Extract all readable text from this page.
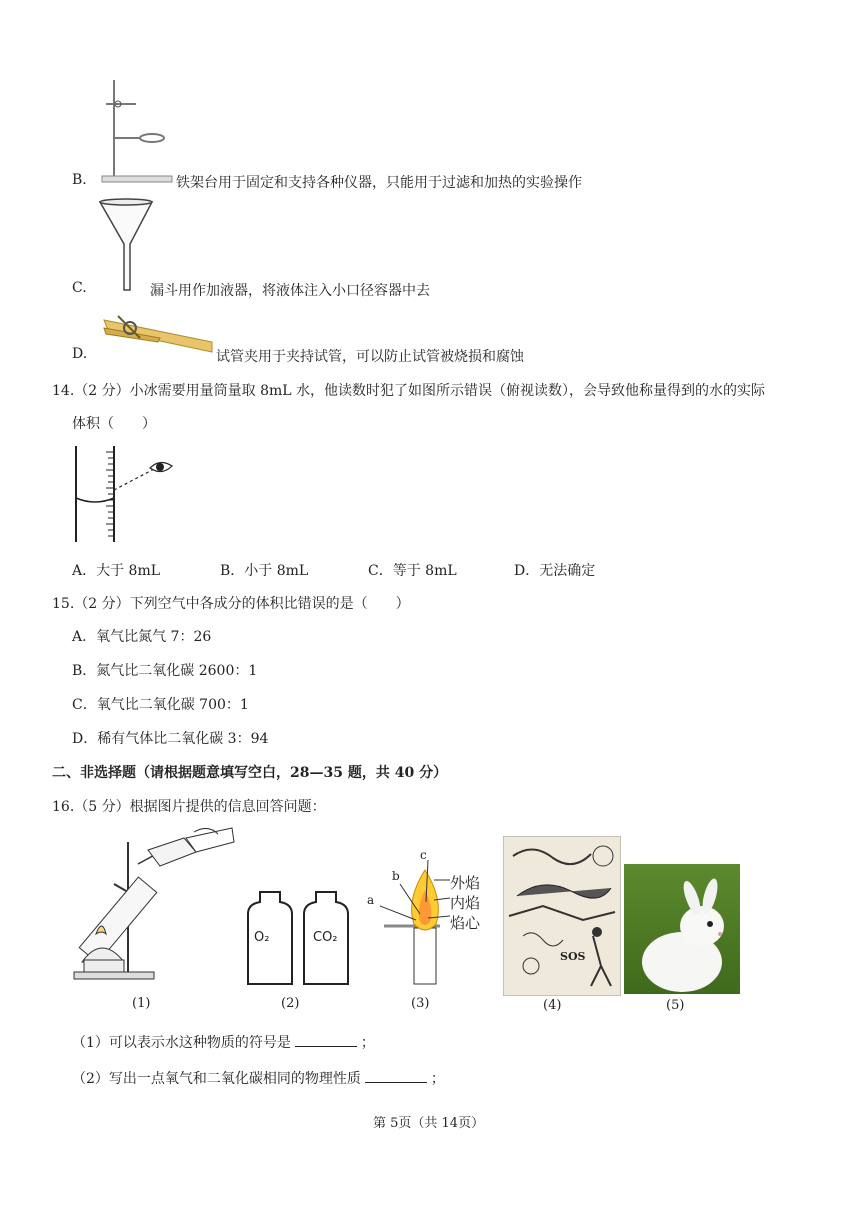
B.	铁架台用于固定和支持各种仪器，只能用于过滤和加热的实验操作
C.	漏斗用作加液器，将液体注入小口径容器中去
D.	试管夹用于夹持试管，可以防止试管被烧损和腐蚀
14.（2 分）小冰需要用量筒量取 8mL 水，他读数时犯了如图所示错误（俯视读数），会导致他称量得到的水的实际
体积（　　）
A．大于 8mL	B．小于 8mL	C．等于 8mL	D．无法确定
15.（2 分）下列空气中各成分的体积比错误的是（　　）
A．氧气比氮气 7：26
B．氮气比二氧化碳 2600：1
C．氧气比二氧化碳 700：1
D．稀有气体比二氧化碳 3：94
二、非选择题（请根据题意填写空白，28—35 题，共 40 分）
16.（5 分）根据图片提供的信息回答问题：
O₂	CO₂
a
b
c
外焰
内焰
焰心
SOS
(1)	(2)	(3)	(4)	(5)
（1）可以表示水这种物质的符号是	；
（2）写出一点氧气和二氧化碳相同的物理性质	；
第 5页（共 14页）
